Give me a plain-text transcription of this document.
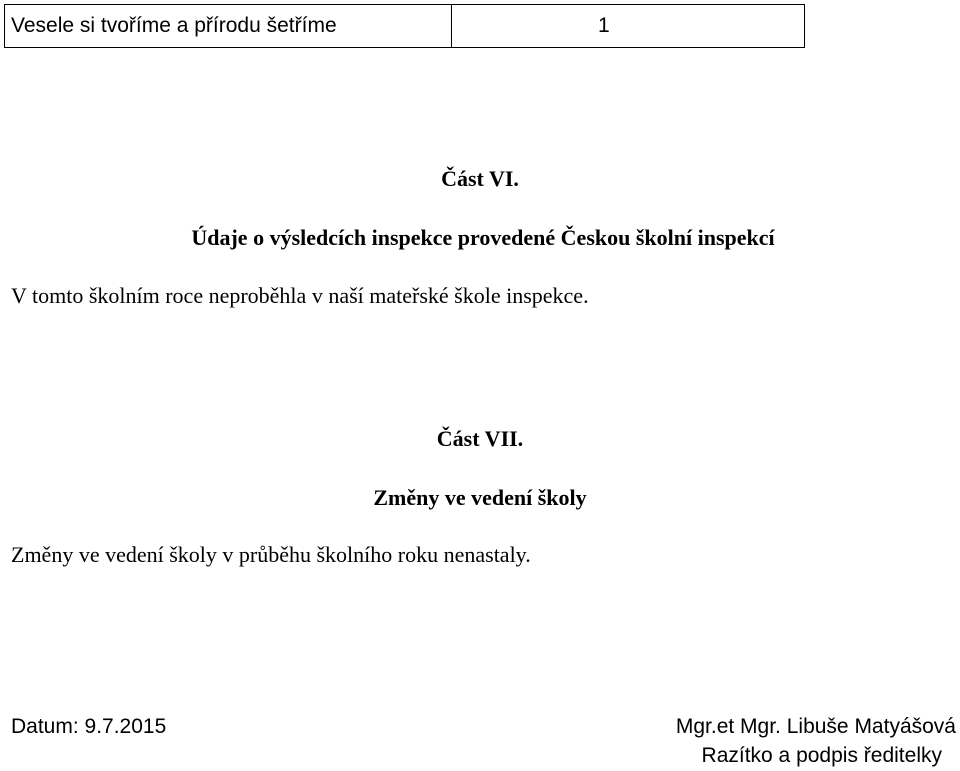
Vesele si tvoříme a přírodu šetříme	1
Část VI.
Údaje o výsledcích inspekce provedené Českou školní inspekcí
V tomto školním roce neproběhla v naší mateřské škole inspekce.
Část VII.
Změny ve vedení školy
Změny ve vedení školy v průběhu školního roku nenastaly.
Datum: 9.7.2015	Mgr.et Mgr. Libuše Matyášová
Razítko a podpis ředitelky
